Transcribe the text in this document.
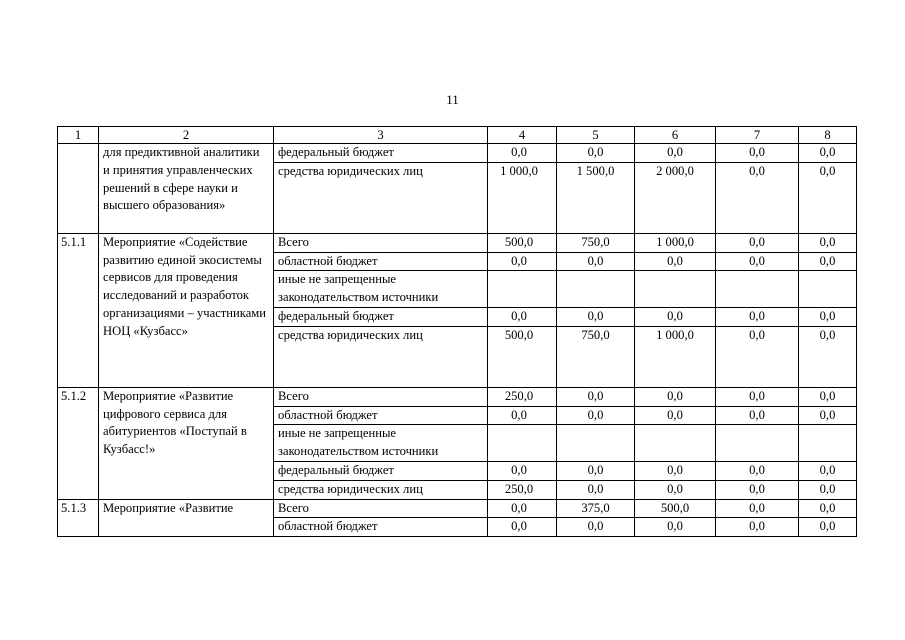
11
1	2	3	4	5	6	7	8
	для предиктивной аналитики и принятия управленческих решений в сфере науки и высшего образования»	федеральный бюджет	0,0	0,0	0,0	0,0	0,0
		средства юридических лиц	1 000,0	1 500,0	2 000,0	0,0	0,0
5.1.1	Мероприятие «Содействие развитию единой экосистемы сервисов для проведения исследований и разработок организациями – участниками НОЦ «Кузбасс»	Всего	500,0	750,0	1 000,0	0,0	0,0
		областной бюджет	0,0	0,0	0,0	0,0	0,0
		иные не запрещенные законодательством источники					
		федеральный бюджет	0,0	0,0	0,0	0,0	0,0
		средства юридических лиц	500,0	750,0	1 000,0	0,0	0,0
5.1.2	Мероприятие «Развитие цифрового сервиса для абитуриентов «Поступай в Кузбасс!»	Всего	250,0	0,0	0,0	0,0	0,0
		областной бюджет	0,0	0,0	0,0	0,0	0,0
		иные не запрещенные законодательством источники					
		федеральный бюджет	0,0	0,0	0,0	0,0	0,0
		средства юридических лиц	250,0	0,0	0,0	0,0	0,0
5.1.3	Мероприятие «Развитие	Всего	0,0	375,0	500,0	0,0	0,0
		областной бюджет	0,0	0,0	0,0	0,0	0,0
